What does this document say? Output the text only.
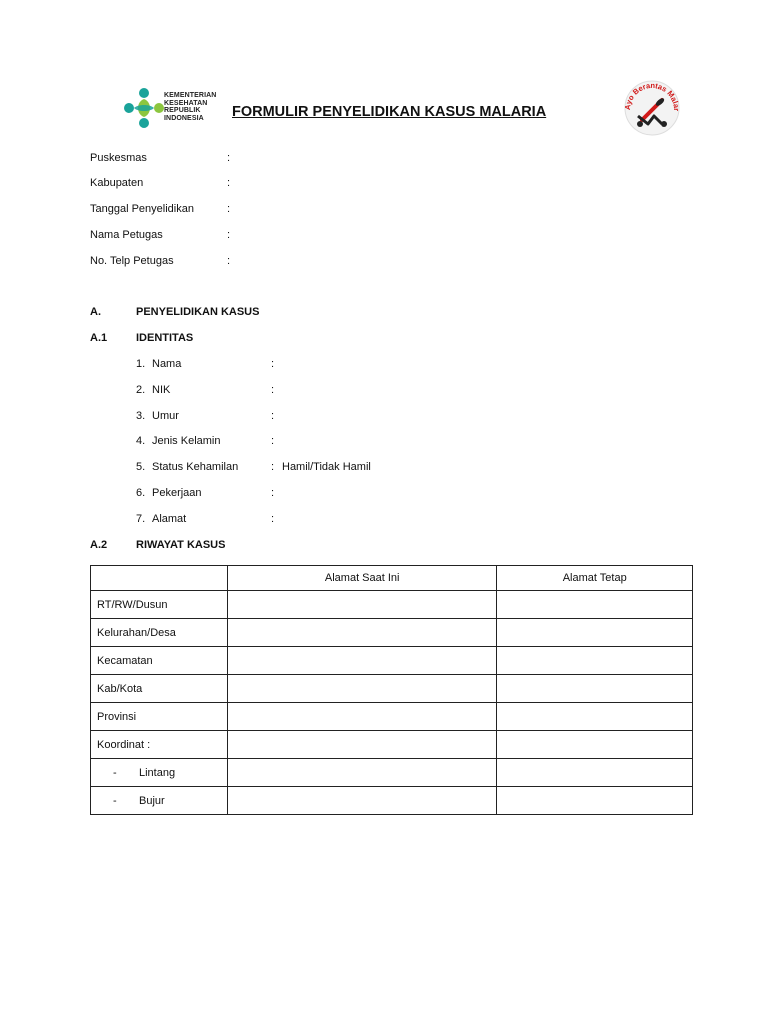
KEMENTERIAN
KESEHATAN
REPUBLIK
INDONESIA	FORMULIR PENYELIDIKAN KASUS MALARIA	Ayo Berantas Malar
Puskesmas	:
Kabupaten	:
Tanggal Penyelidikan	:
Nama Petugas	:
No. Telp Petugas	:
A.	PENYELIDIKAN KASUS
A.1	IDENTITAS
1. Nama	:
2. NIK	:
3. Umur	:
4. Jenis Kelamin	:
5. Status Kehamilan	: Hamil/Tidak Hamil
6. Pekerjaan	:
7. Alamat	:
A.2	RIWAYAT KASUS
	Alamat Saat Ini	Alamat Tetap
RT/RW/Dusun		
Kelurahan/Desa		
Kecamatan		
Kab/Kota		
Provinsi		
Koordinat :		
- Lintang		
- Bujur		
